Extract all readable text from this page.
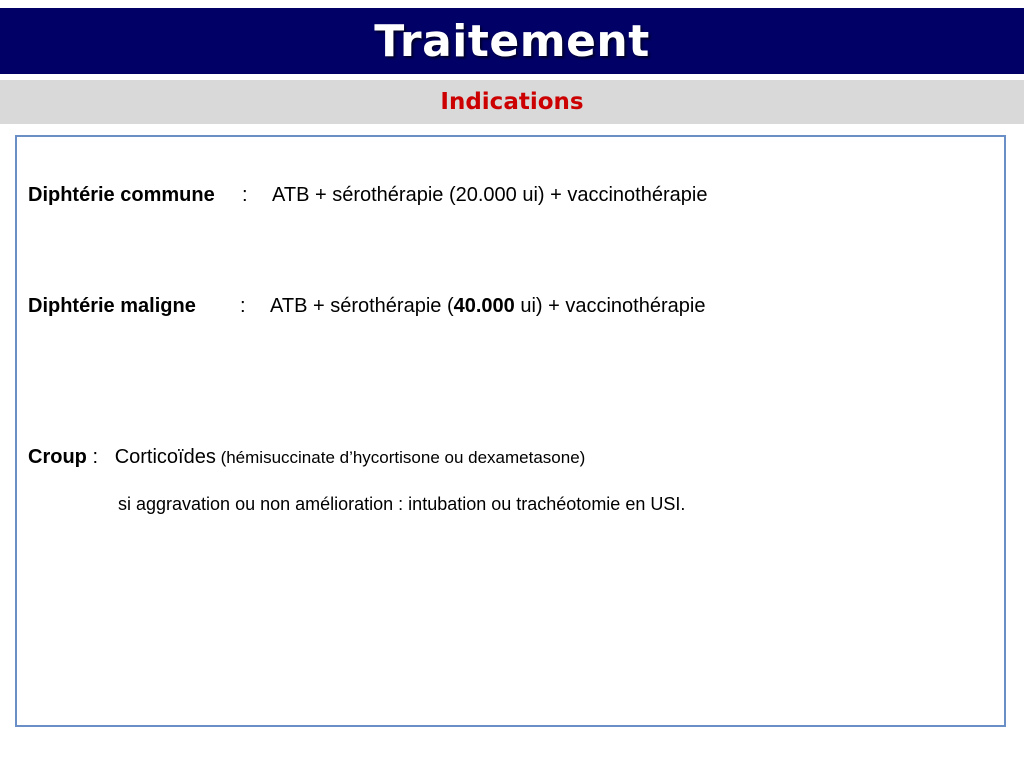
Traitement
Indications
Diphtérie commune : ATB + sérothérapie (20.000 ui) + vaccinothérapie
Diphtérie maligne : ATB + sérothérapie (40.000 ui) + vaccinothérapie
Croup : Corticoïdes (hémisuccinate d’hycortisone ou dexametasone)
si aggravation ou non amélioration : intubation ou trachéotomie en USI.
